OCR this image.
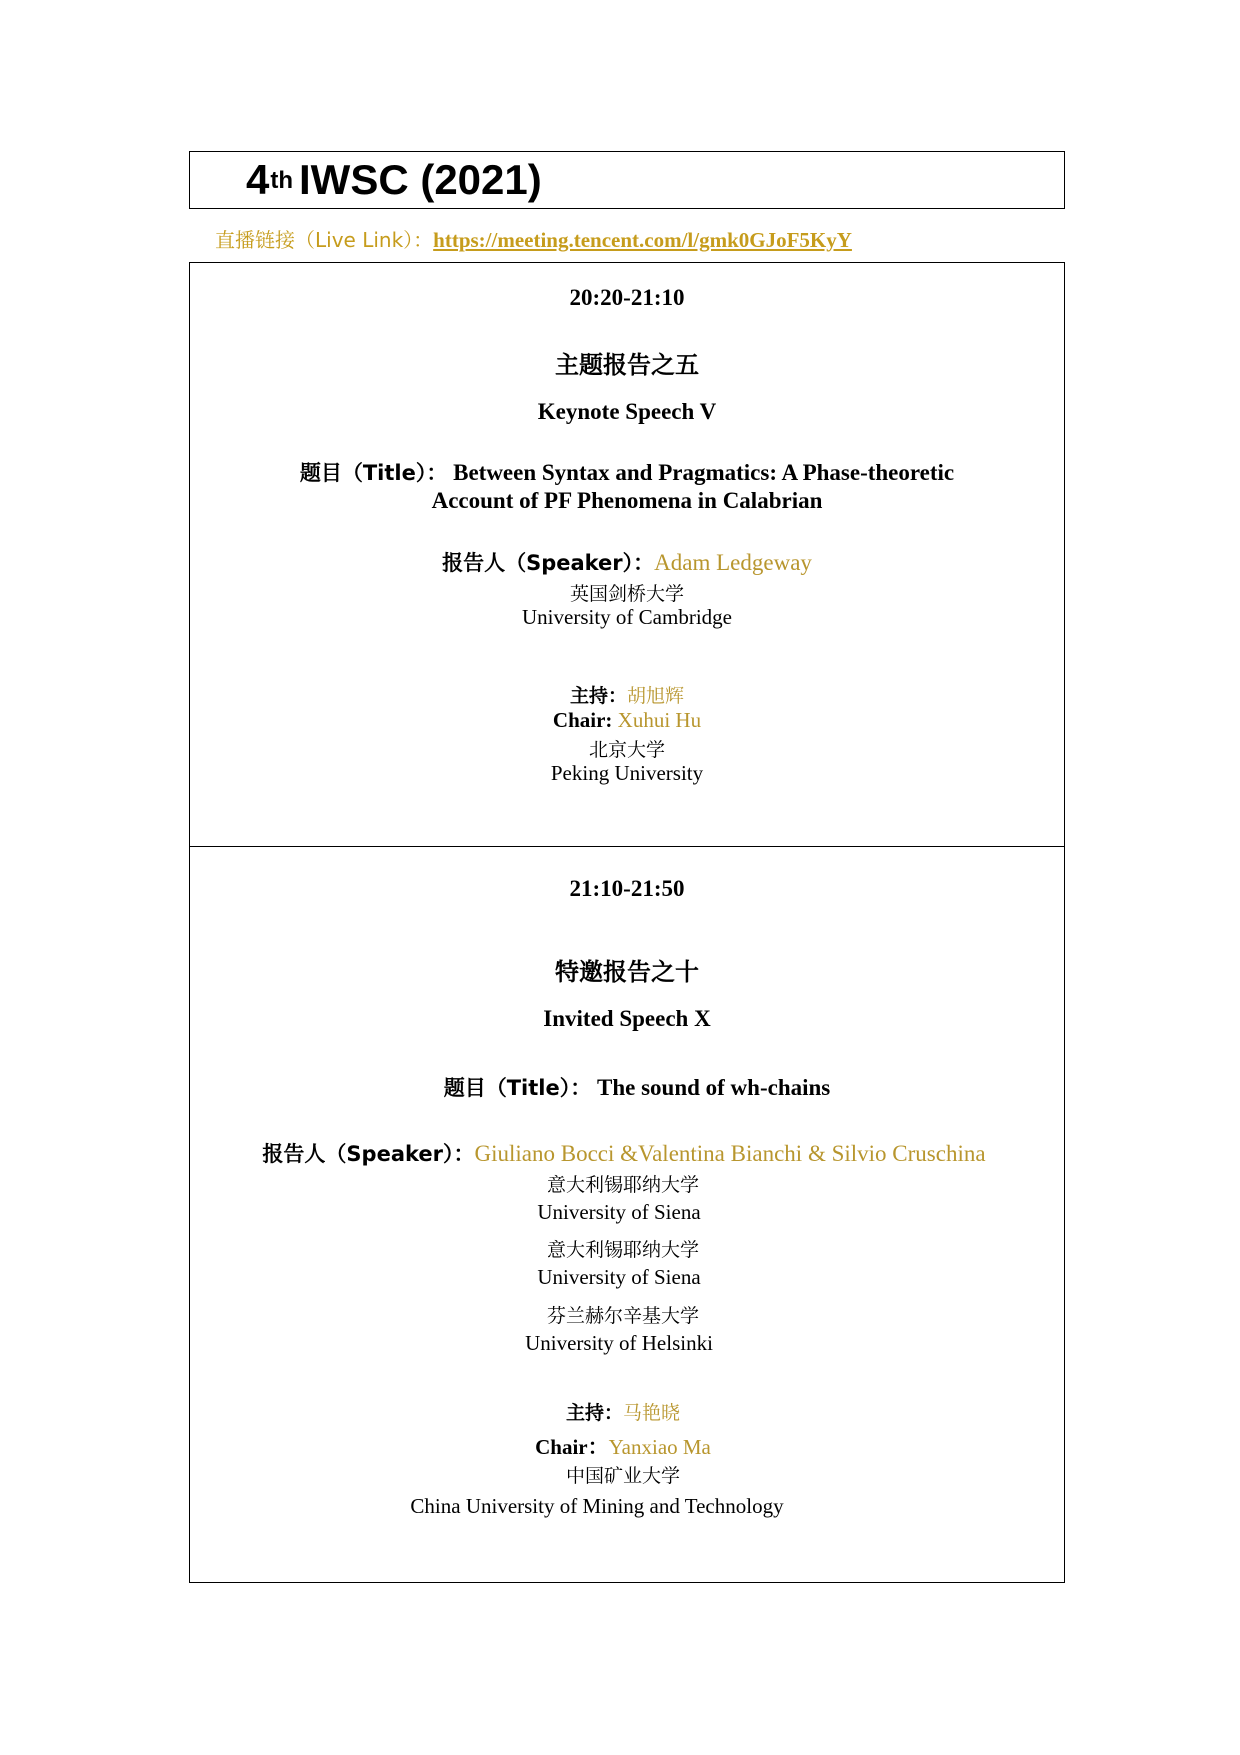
4th IWSC (2021)
直播链接（Live Link）：https://meeting.tencent.com/l/gmk0GJoF5KyY
20:20-21:10
主题报告之五
Keynote Speech V
题目（Title）： Between Syntax and Pragmatics: A Phase-theoretic
Account of PF Phenomena in Calabrian
报告人（Speaker）：Adam Ledgeway
英国剑桥大学
University of Cambridge
主持：胡旭辉
Chair: Xuhui Hu
北京大学
Peking University
21:10-21:50
特邀报告之十
Invited Speech X
题目（Title）： The sound of wh-chains
报告人（Speaker）：Giuliano Bocci &Valentina Bianchi & Silvio Cruschina
意大利锡耶纳大学
University of Siena
意大利锡耶纳大学
University of Siena
芬兰赫尔辛基大学
University of Helsinki
主持：马艳晓
Chair：Yanxiao Ma
中国矿业大学
China University of Mining and Technology
